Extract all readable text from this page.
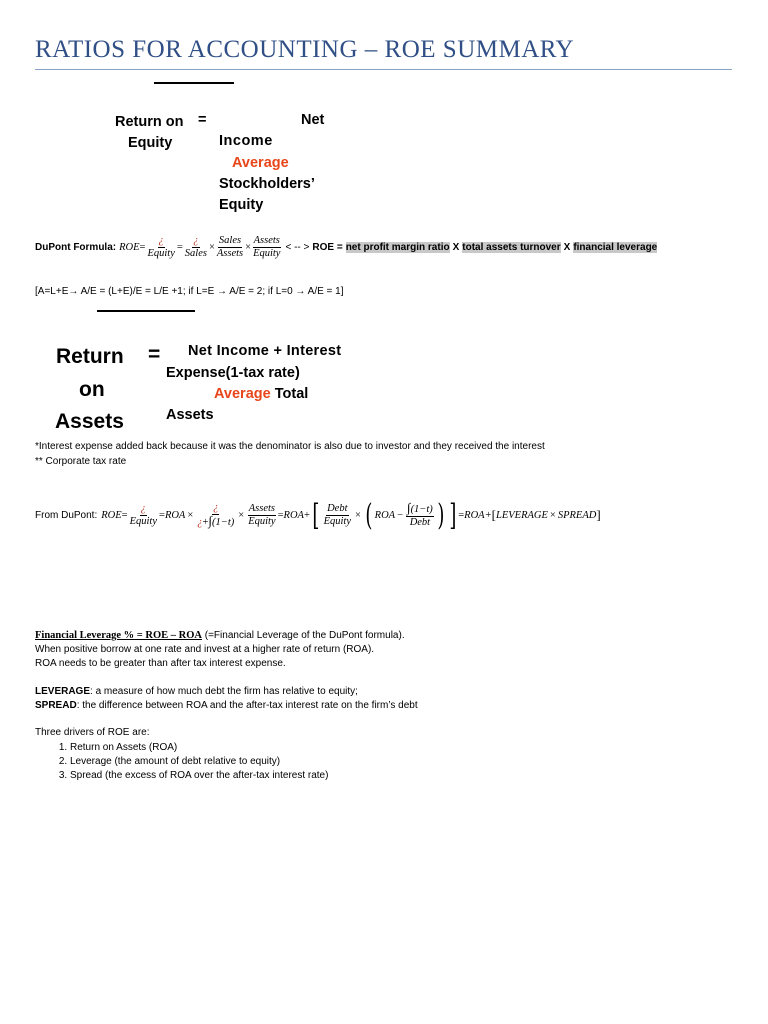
RATIOS FOR ACCOUNTING – ROE SUMMARY
Return on
Equity
=	Net
Income
Average
Stockholders’
Equity
DuPont Formula: ROE = $\frac{¿}{\text{Equity}} = \frac{¿}{\text{Sales}} \times \frac{\text{Sales}}{\text{Assets}} \times \frac{\text{Assets}}{\text{Equity}}$ < -- > ROE = net profit margin ratio X total assets turnover X financial leverage
[A=L+E→ A/E = (L+E)/E = L/E +1; if L=E → A/E = 2; if L=0 → A/E = 1]
Return
on
Assets
= Net Income + Interest
Expense(1-tax rate)
Average Total
Assets
*Interest expense added back because it was the denominator is also due to investor and they received the interest
** Corporate tax rate
From DuPont: ROE = $\frac{¿}{\text{Equity}}$ = ROA × $\frac{¿}{¿+\int(1-t)} \times \frac{\text{Assets}}{\text{Equity}}$ = ROA + [ $\frac{\text{Debt}}{\text{Equity}}$ × ( ROA − $\frac{\int(1-t)}{\text{Debt}}$ ) ] = ROA+ [ LEVERAGE × SPREAD ]
Financial Leverage % = ROE – ROA (=Financial Leverage of the DuPont formula).
When positive borrow at one rate and invest at a higher rate of return (ROA).
ROA needs to be greater than after tax interest expense.
LEVERAGE: a measure of how much debt the firm has relative to equity;
SPREAD: the difference between ROA and the after-tax interest rate on the firm’s debt
Three drivers of ROE are:
1. Return on Assets (ROA)
2. Leverage (the amount of debt relative to equity)
3. Spread (the excess of ROA over the after-tax interest rate)
